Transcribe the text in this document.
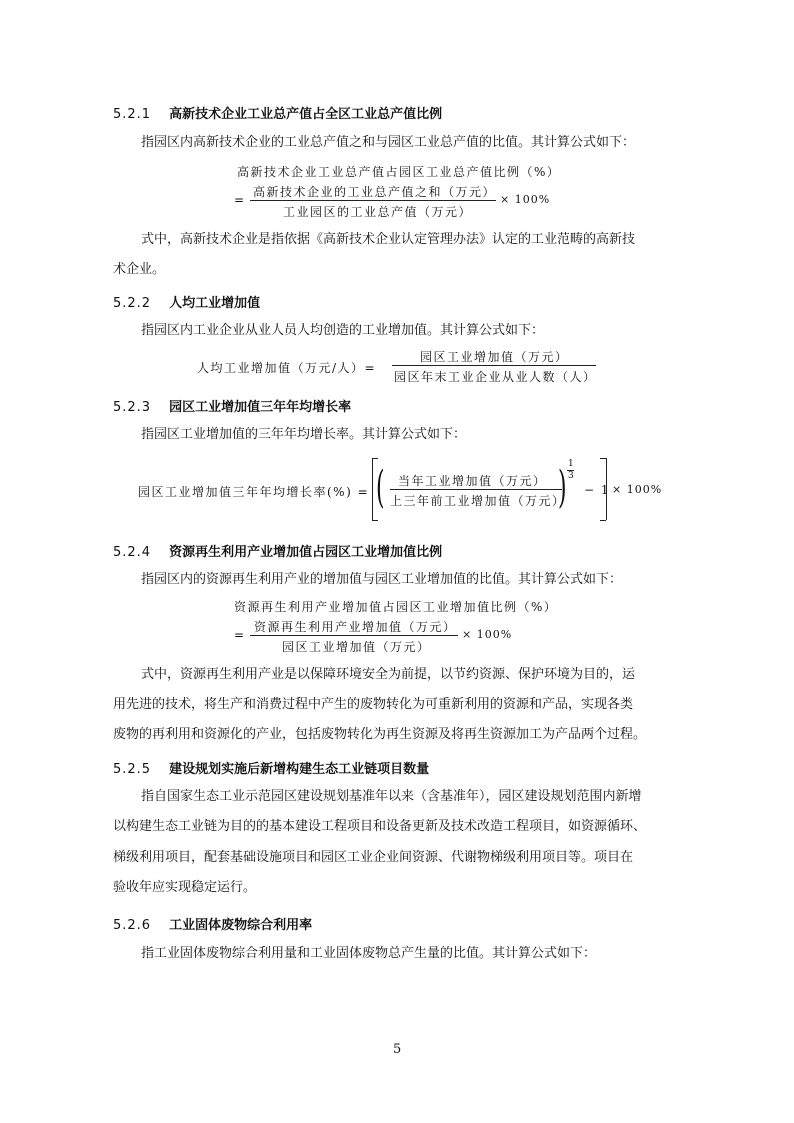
5.2.1 高新技术企业工业总产值占全区工业总产值比例
指园区内高新技术企业的工业总产值之和与园区工业总产值的比值。其计算公式如下：
高新技术企业工业总产值占园区工业总产值比例（%）
=
高新技术企业的工业总产值之和（万元）
工业园区的工业总产值（万元）
× 100%
式中，高新技术企业是指依据《高新技术企业认定管理办法》认定的工业范畴的高新技
术企业。
5.2.2 人均工业增加值
指园区内工业企业从业人员人均创造的工业增加值。其计算公式如下：
人均工业增加值（万元/人）=
园区工业增加值（万元）
园区年末工业企业从业人数（人）
5.2.3 园区工业增加值三年年均增长率
指园区工业增加值的三年年均增长率。其计算公式如下：
园区工业增加值三年年均增长率(%) = (	)
当年工业增加值（万元）
上三年前工业增加值（万元）
1
3
− 1 × 100%
5.2.4 资源再生利用产业增加值占园区工业增加值比例
指园区内的资源再生利用产业的增加值与园区工业增加值的比值。其计算公式如下：
资源再生利用产业增加值占园区工业增加值比例（%）
=
资源再生利用产业增加值（万元）
园区工业增加值（万元）
× 100%
式中，资源再生利用产业是以保障环境安全为前提，以节约资源、保护环境为目的，运
用先进的技术，将生产和消费过程中产生的废物转化为可重新利用的资源和产品，实现各类
废物的再利用和资源化的产业，包括废物转化为再生资源及将再生资源加工为产品两个过程。
5.2.5 建设规划实施后新增构建生态工业链项目数量
指自国家生态工业示范园区建设规划基准年以来（含基准年），园区建设规划范围内新增
以构建生态工业链为目的的基本建设工程项目和设备更新及技术改造工程项目，如资源循环、
梯级利用项目，配套基础设施项目和园区工业企业间资源、代谢物梯级利用项目等。项目在
验收年应实现稳定运行。
5.2.6 工业固体废物综合利用率
指工业固体废物综合利用量和工业固体废物总产生量的比值。其计算公式如下：
5
